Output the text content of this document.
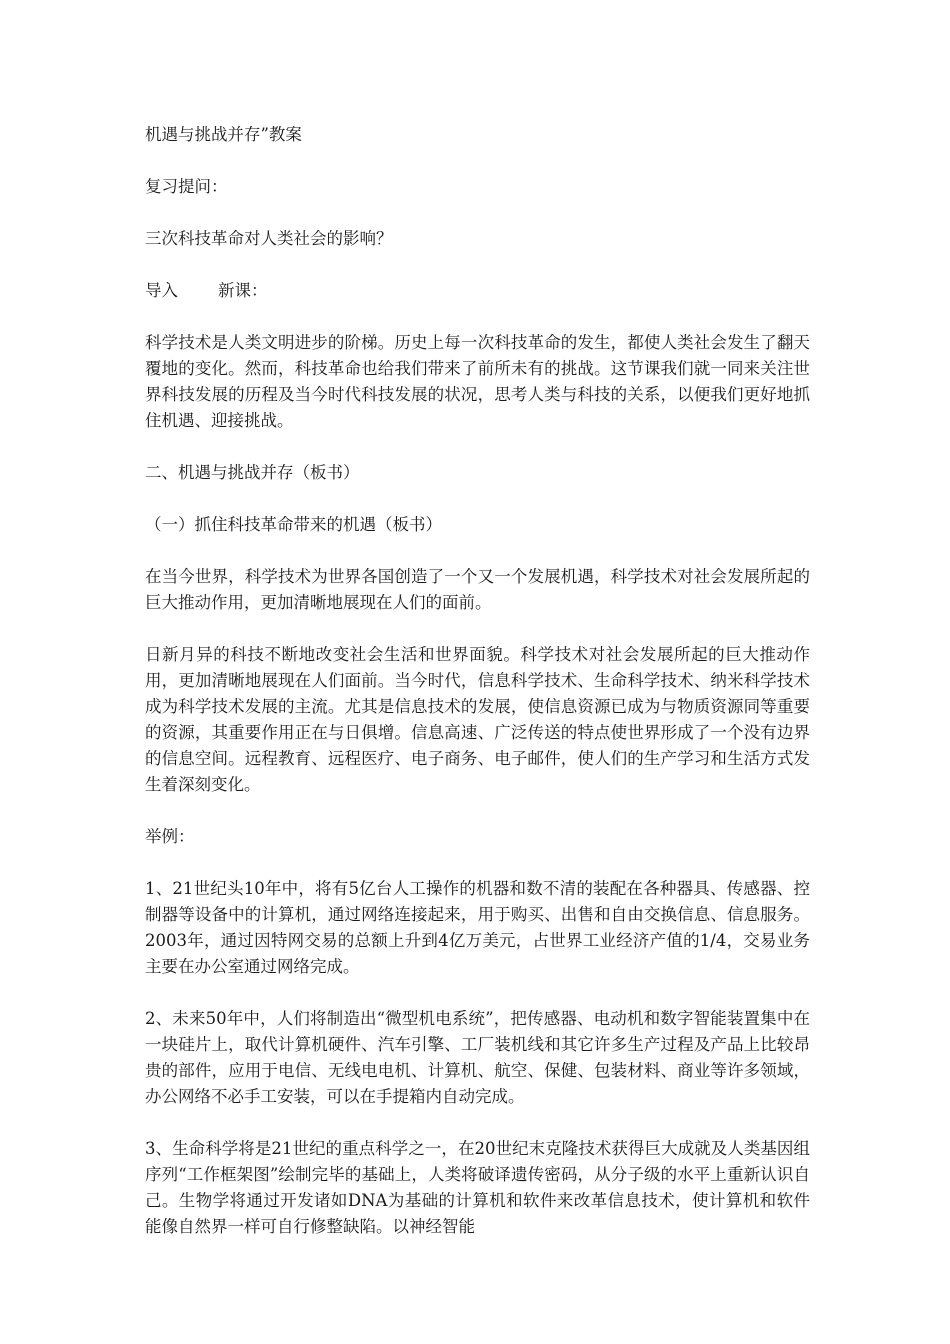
机遇与挑战并存”教案

复习提问：

三次科技革命对人类社会的影响？

导入 新课：

科学技术是人类文明进步的阶梯。历史上每一次科技革命的发生，都使人类社会发生了翻天覆地的变化。然而，科技革命也给我们带来了前所未有的挑战。这节课我们就一同来关注世界科技发展的历程及当今时代科技发展的状况，思考人类与科技的关系，以便我们更好地抓住机遇、迎接挑战。

二、机遇与挑战并存（板书）

（一）抓住科技革命带来的机遇（板书）

在当今世界，科学技术为世界各国创造了一个又一个发展机遇，科学技术对社会发展所起的巨大推动作用，更加清晰地展现在人们的面前。

日新月异的科技不断地改变社会生活和世界面貌。科学技术对社会发展所起的巨大推动作用，更加清晰地展现在人们面前。当今时代，信息科学技术、生命科学技术、纳米科学技术成为科学技术发展的主流。尤其是信息技术的发展，使信息资源已成为与物质资源同等重要的资源，其重要作用正在与日俱增。信息高速、广泛传送的特点使世界形成了一个没有边界的信息空间。远程教育、远程医疗、电子商务、电子邮件，使人们的生产学习和生活方式发生着深刻变化。

举例：

1、21世纪头10年中，将有5亿台人工操作的机器和数不清的装配在各种器具、传感器、控制器等设备中的计算机，通过网络连接起来，用于购买、出售和自由交换信息、信息服务。2003年，通过因特网交易的总额上升到4亿万美元，占世界工业经济产值的1/4，交易业务主要在办公室通过网络完成。

2、未来50年中，人们将制造出“微型机电系统”，把传感器、电动机和数字智能装置集中在一块硅片上，取代计算机硬件、汽车引擎、工厂装机线和其它许多生产过程及产品上比较昂贵的部件，应用于电信、无线电电机、计算机、航空、保健、包装材料、商业等许多领域，办公网络不必手工安装，可以在手提箱内自动完成。

3、生命科学将是21世纪的重点科学之一，在20世纪末克隆技术获得巨大成就及人类基因组序列“工作框架图”绘制完毕的基础上，人类将破译遗传密码，从分子级的水平上重新认识自己。生物学将通过开发诸如DNA为基础的计算机和软件来改革信息技术，使计算机和软件能像自然界一样可自行修整缺陷。以神经智能
